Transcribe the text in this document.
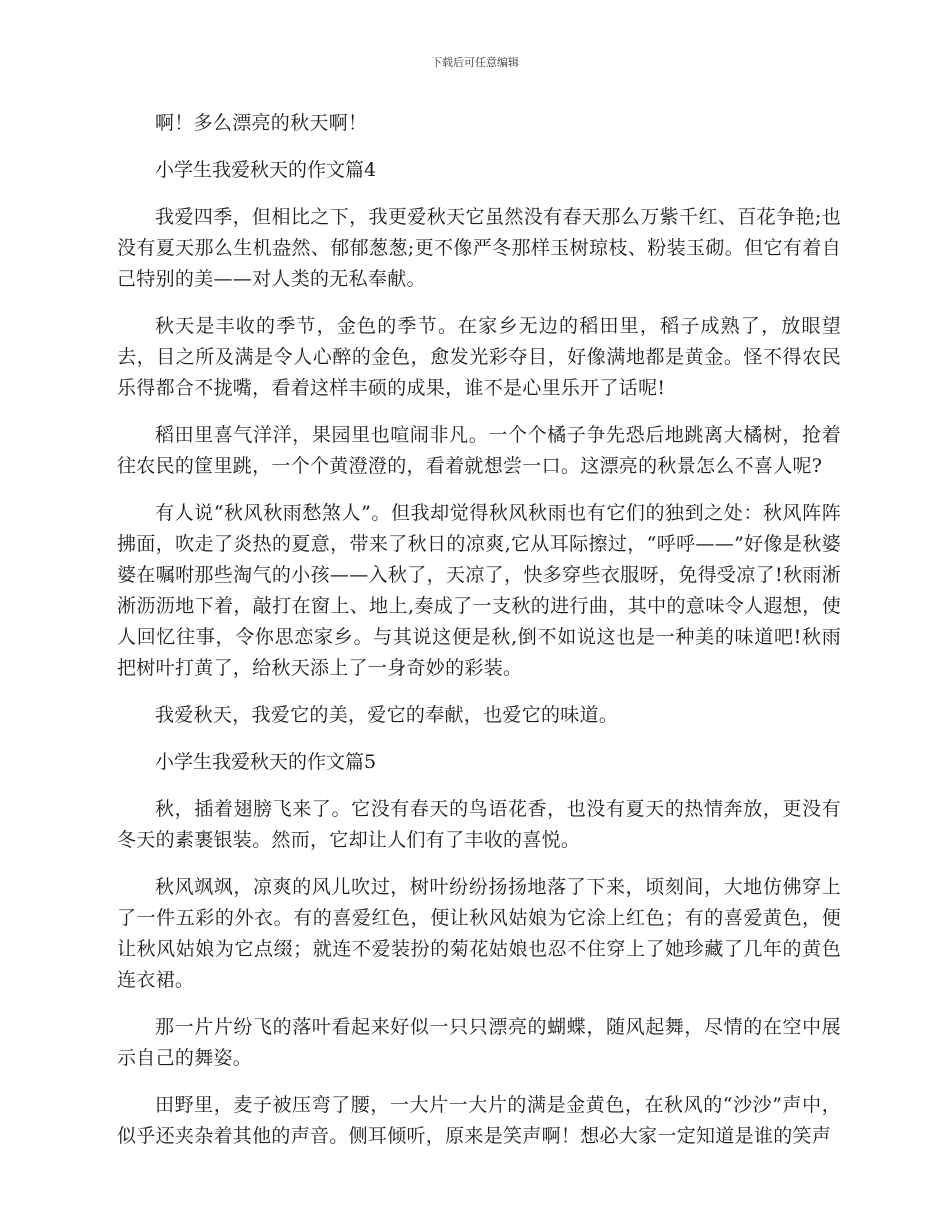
下载后可任意编辑

啊！多么漂亮的秋天啊！

小学生我爱秋天的作文篇4

我爱四季，但相比之下，我更爱秋天它虽然没有春天那么万紫千红、百花争艳;也没有夏天那么生机盎然、郁郁葱葱;更不像严冬那样玉树琼枝、粉装玉砌。但它有着自己特别的美——对人类的无私奉献。

秋天是丰收的季节，金色的季节。在家乡无边的稻田里，稻子成熟了，放眼望去，目之所及满是令人心醉的金色，愈发光彩夺目，好像满地都是黄金。怪不得农民乐得都合不拢嘴，看着这样丰硕的成果，谁不是心里乐开了话呢!

稻田里喜气洋洋，果园里也喧闹非凡。一个个橘子争先恐后地跳离大橘树，抢着往农民的筐里跳，一个个黄澄澄的，看着就想尝一口。这漂亮的秋景怎么不喜人呢?

有人说“秋风秋雨愁煞人”。但我却觉得秋风秋雨也有它们的独到之处：秋风阵阵拂面，吹走了炎热的夏意，带来了秋日的凉爽,它从耳际擦过，“呼呼——”好像是秋婆婆在嘱咐那些淘气的小孩——入秋了，天凉了，快多穿些衣服呀，免得受凉了!秋雨淅淅沥沥地下着，敲打在窗上、地上,奏成了一支秋的进行曲，其中的意味令人遐想，使人回忆往事，令你思恋家乡。与其说这便是秋,倒不如说这也是一种美的味道吧!秋雨把树叶打黄了，给秋天添上了一身奇妙的彩装。

我爱秋天，我爱它的美，爱它的奉献，也爱它的味道。

小学生我爱秋天的作文篇5

秋，插着翅膀飞来了。它没有春天的鸟语花香，也没有夏天的热情奔放，更没有冬天的素裹银装。然而，它却让人们有了丰收的喜悦。

秋风飒飒，凉爽的风儿吹过，树叶纷纷扬扬地落了下来，顷刻间，大地仿佛穿上了一件五彩的外衣。有的喜爱红色，便让秋风姑娘为它涂上红色；有的喜爱黄色，便让秋风姑娘为它点缀；就连不爱装扮的菊花姑娘也忍不住穿上了她珍藏了几年的黄色连衣裙。

那一片片纷飞的落叶看起来好似一只只漂亮的蝴蝶，随风起舞，尽情的在空中展示自己的舞姿。

田野里，麦子被压弯了腰，一大片一大片的满是金黄色，在秋风的“沙沙”声中，似乎还夹杂着其他的声音。侧耳倾听，原来是笑声啊！想必大家一定知道是谁的笑声
